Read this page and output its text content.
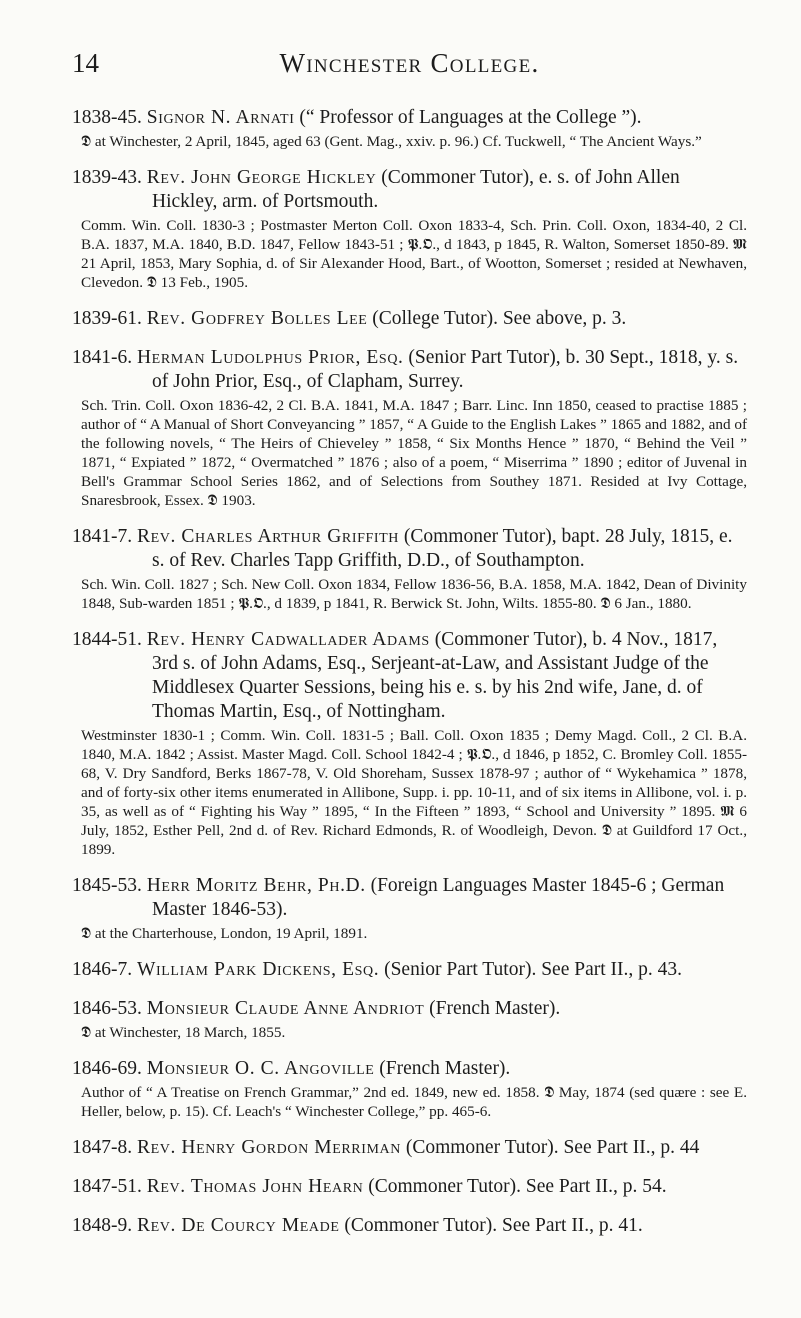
14	Winchester College.
1838-45. Signor N. Arnati (“ Professor of Languages at the College ”).
𝕯 at Winchester, 2 April, 1845, aged 63 (Gent. Mag., xxiv. p. 96.) Cf. Tuckwell, “ The Ancient Ways.”
1839-43. Rev. John George Hickley (Commoner Tutor), e. s. of John Allen Hickley, arm. of Portsmouth.
Comm. Win. Coll. 1830-3 ; Postmaster Merton Coll. Oxon 1833-4, Sch. Prin. Coll. Oxon, 1834-40, 2 Cl. B.A. 1837, M.A. 1840, B.D. 1847, Fellow 1843-51 ; 𝕻.𝕺., d 1843, p 1845, R. Walton, Somerset 1850-89. 𝕸 21 April, 1853, Mary Sophia, d. of Sir Alexander Hood, Bart., of Wootton, Somerset ; resided at Newhaven, Clevedon. 𝕯 13 Feb., 1905.
1839-61. Rev. Godfrey Bolles Lee (College Tutor). See above, p. 3.
1841-6. Herman Ludolphus Prior, Esq. (Senior Part Tutor), b. 30 Sept., 1818, y. s. of John Prior, Esq., of Clapham, Surrey.
Sch. Trin. Coll. Oxon 1836-42, 2 Cl. B.A. 1841, M.A. 1847 ; Barr. Linc. Inn 1850, ceased to practise 1885 ; author of “ A Manual of Short Conveyancing ” 1857, “ A Guide to the English Lakes ” 1865 and 1882, and of the following novels, “ The Heirs of Chieveley ” 1858, “ Six Months Hence ” 1870, “ Behind the Veil ” 1871, “ Expiated ” 1872, “ Overmatched ” 1876 ; also of a poem, “ Miserrima ” 1890 ; editor of Juvenal in Bell's Grammar School Series 1862, and of Selections from Southey 1871. Resided at Ivy Cottage, Snaresbrook, Essex. 𝕯 1903.
1841-7. Rev. Charles Arthur Griffith (Commoner Tutor), bapt. 28 July, 1815, e. s. of Rev. Charles Tapp Griffith, D.D., of Southampton.
Sch. Win. Coll. 1827 ; Sch. New Coll. Oxon 1834, Fellow 1836-56, B.A. 1858, M.A. 1842, Dean of Divinity 1848, Sub-warden 1851 ; 𝕻.𝕺., d 1839, p 1841, R. Berwick St. John, Wilts. 1855-80. 𝕯 6 Jan., 1880.
1844-51. Rev. Henry Cadwallader Adams (Commoner Tutor), b. 4 Nov., 1817, 3rd s. of John Adams, Esq., Serjeant-at-Law, and Assistant Judge of the Middlesex Quarter Sessions, being his e. s. by his 2nd wife, Jane, d. of Thomas Martin, Esq., of Nottingham.
Westminster 1830-1 ; Comm. Win. Coll. 1831-5 ; Ball. Coll. Oxon 1835 ; Demy Magd. Coll., 2 Cl. B.A. 1840, M.A. 1842 ; Assist. Master Magd. Coll. School 1842-4 ; 𝕻.𝕺., d 1846, p 1852, C. Bromley Coll. 1855-68, V. Dry Sandford, Berks 1867-78, V. Old Shoreham, Sussex 1878-97 ; author of “ Wykehamica ” 1878, and of forty-six other items enumerated in Allibone, Supp. i. pp. 10-11, and of six items in Allibone, vol. i. p. 35, as well as of “ Fighting his Way ” 1895, “ In the Fifteen ” 1893, “ School and University ” 1895. 𝕸 6 July, 1852, Esther Pell, 2nd d. of Rev. Richard Edmonds, R. of Woodleigh, Devon. 𝕯 at Guildford 17 Oct., 1899.
1845-53. Herr Moritz Behr, Ph.D. (Foreign Languages Master 1845-6 ; German Master 1846-53).
𝕯 at the Charterhouse, London, 19 April, 1891.
1846-7. William Park Dickens, Esq. (Senior Part Tutor). See Part II., p. 43.
1846-53. Monsieur Claude Anne Andriot (French Master).
𝕯 at Winchester, 18 March, 1855.
1846-69. Monsieur O. C. Angoville (French Master).
Author of “ A Treatise on French Grammar,” 2nd ed. 1849, new ed. 1858. 𝕯 May, 1874 (sed quære : see E. Heller, below, p. 15). Cf. Leach's “ Winchester College,” pp. 465-6.
1847-8. Rev. Henry Gordon Merriman (Commoner Tutor). See Part II., p. 44
1847-51. Rev. Thomas John Hearn (Commoner Tutor). See Part II., p. 54.
1848-9. Rev. De Courcy Meade (Commoner Tutor). See Part II., p. 41.
